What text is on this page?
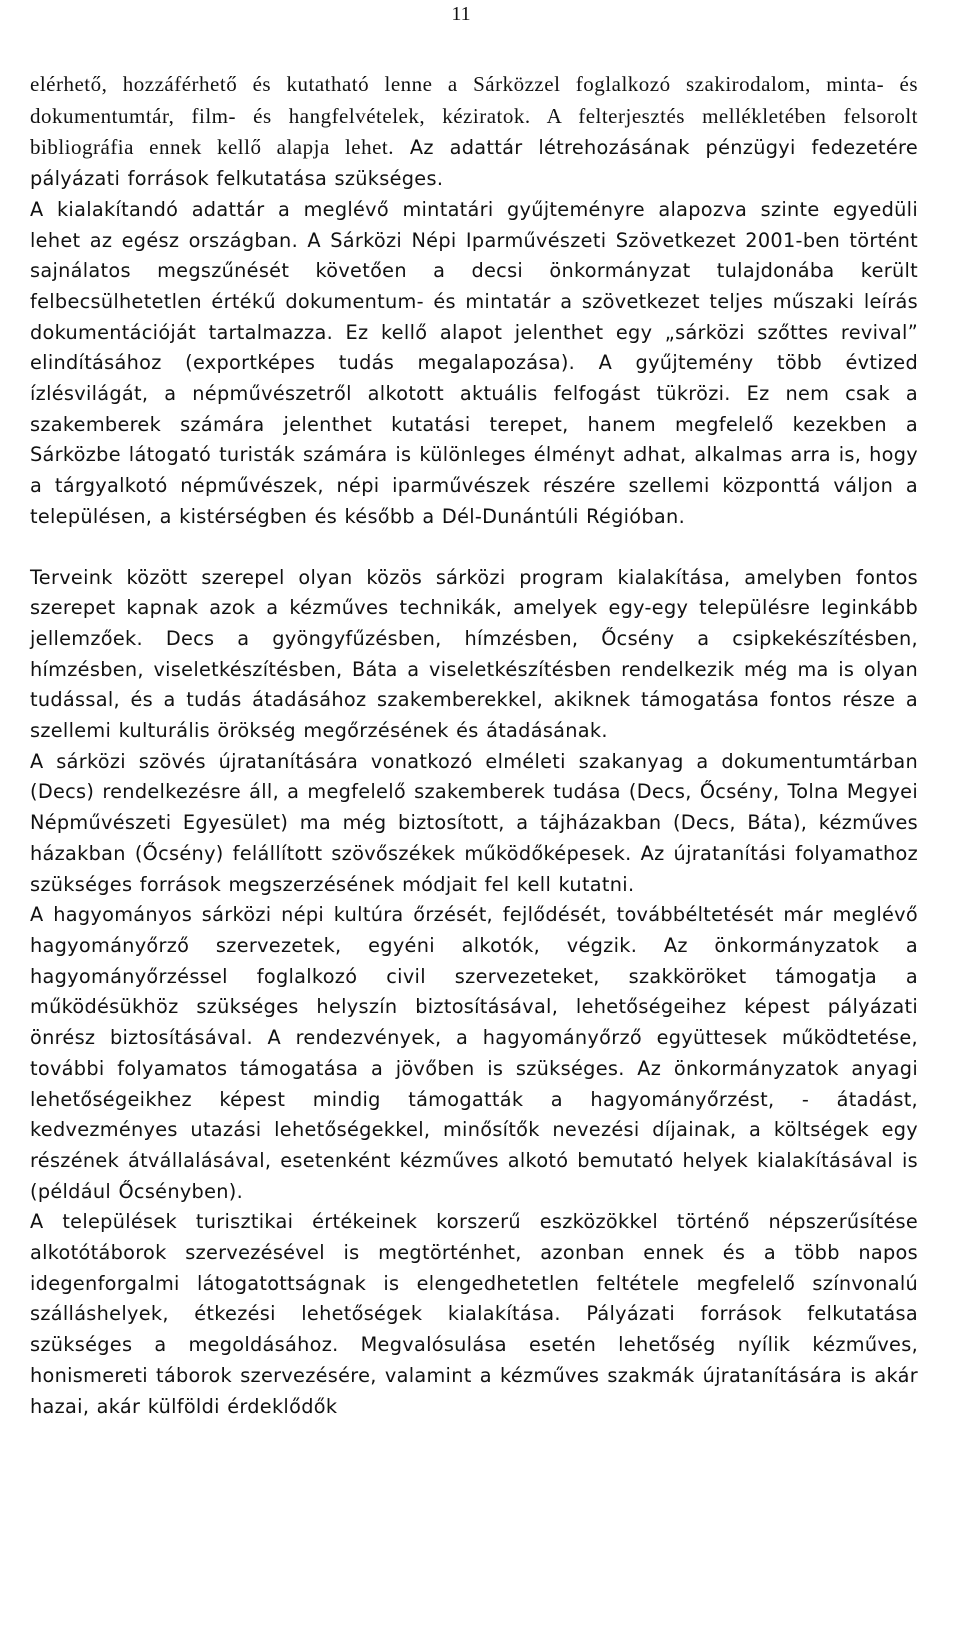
11

elérhető, hozzáférhető és kutatható lenne a Sárközzel foglalkozó szakirodalom, minta- és dokumentumtár, film- és hangfelvételek, kéziratok. A felterjesztés mellékletében felsorolt bibliográfia ennek kellő alapja lehet. Az adattár létrehozásának pénzügyi fedezetére pályázati források felkutatása szükséges.

A kialakítandó adattár a meglévő mintatári gyűjteményre alapozva szinte egyedüli lehet az egész országban. A Sárközi Népi Iparművészeti Szövetkezet 2001-ben történt sajnálatos megszűnését követően a decsi önkormányzat tulajdonába került felbecsülhetetlen értékű dokumentum- és mintatár a szövetkezet teljes műszaki leírás dokumentációját tartalmazza. Ez kellő alapot jelenthet egy „sárközi szőttes revival” elindításához (exportképes tudás megalapozása). A gyűjtemény több évtized ízlésvilágát, a népművészetről alkotott aktuális felfogást tükrözi. Ez nem csak a szakemberek számára jelenthet kutatási terepet, hanem megfelelő kezekben a Sárközbe látogató turisták számára is különleges élményt adhat, alkalmas arra is, hogy a tárgyalkotó népművészek, népi iparművészek részére szellemi központtá váljon a településen, a kistérségben és később a Dél-Dunántúli Régióban.

Terveink között szerepel olyan közös sárközi program kialakítása, amelyben fontos szerepet kapnak azok a kézműves technikák, amelyek egy-egy településre leginkább jellemzőek. Decs a gyöngyfűzésben, hímzésben, Őcsény a csipkekészítésben, hímzésben, viseletkészítésben, Báta a viseletkészítésben rendelkezik még ma is olyan tudással, és a tudás átadásához szakemberekkel, akiknek támogatása fontos része a szellemi kulturális örökség megőrzésének és átadásának.

A sárközi szövés újratanítására vonatkozó elméleti szakanyag a dokumentumtárban (Decs) rendelkezésre áll, a megfelelő szakemberek tudása (Decs, Őcsény, Tolna Megyei Népművészeti Egyesület) ma még biztosított, a tájházakban (Decs, Báta), kézműves házakban (Őcsény) felállított szövőszékek működőképesek. Az újratanítási folyamathoz szükséges források megszerzésének módjait fel kell kutatni.

A hagyományos sárközi népi kultúra őrzését, fejlődését, továbbéltetését már meglévő hagyományőrző szervezetek, egyéni alkotók, végzik. Az önkormányzatok a hagyományőrzéssel foglalkozó civil szervezeteket, szakköröket támogatja a működésükhöz szükséges helyszín biztosításával, lehetőségeihez képest pályázati önrész biztosításával. A rendezvények, a hagyományőrző együttesek működtetése, további folyamatos támogatása a jövőben is szükséges. Az önkormányzatok anyagi lehetőségeikhez képest mindig támogatták a hagyományőrzést, - átadást, kedvezményes utazási lehetőségekkel, minősítők nevezési díjainak, a költségek egy részének átvállalásával, esetenként kézműves alkotó bemutató helyek kialakításával is (például Őcsényben).

A települések turisztikai értékeinek korszerű eszközökkel történő népszerűsítése alkotótáborok szervezésével is megtörténhet, azonban ennek és a több napos idegenforgalmi látogatottságnak is elengedhetetlen feltétele megfelelő színvonalú szálláshelyek, étkezési lehetőségek kialakítása. Pályázati források felkutatása szükséges a megoldásához. Megvalósulása esetén lehetőség nyílik kézműves, honismereti táborok szervezésére, valamint a kézműves szakmák újratanítására is akár hazai, akár külföldi érdeklődők
